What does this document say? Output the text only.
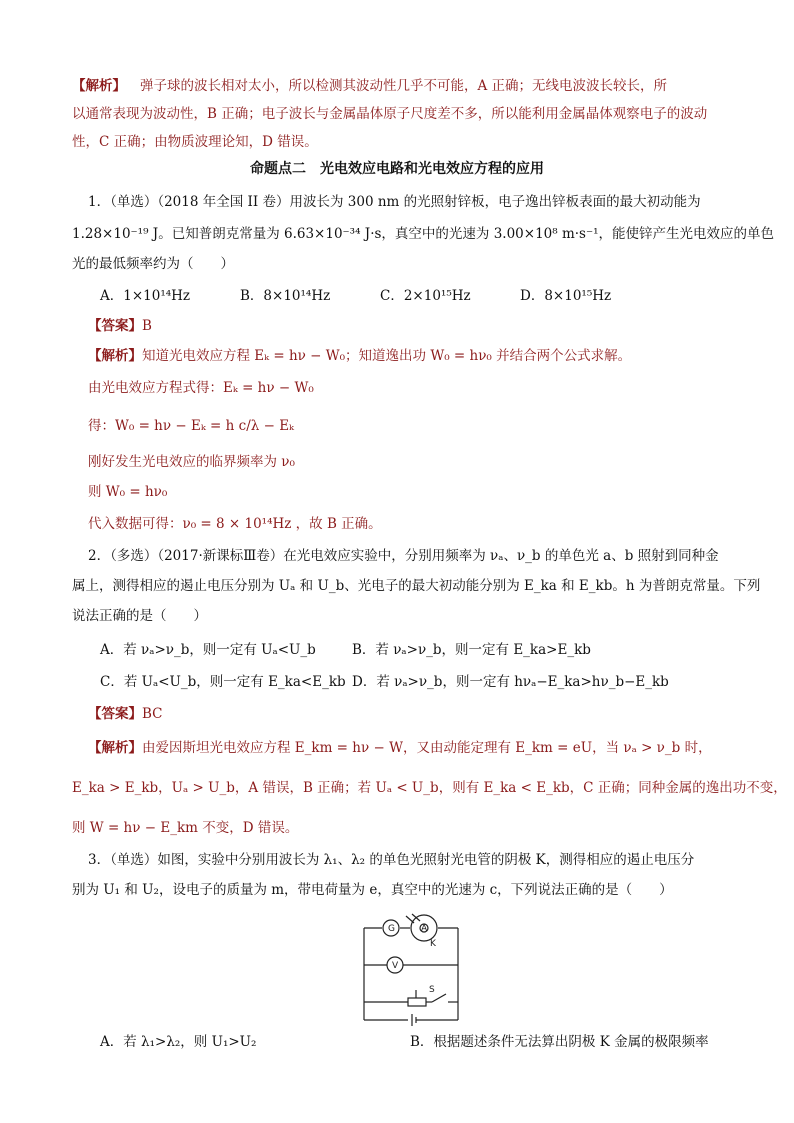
【解析】 弹子球的波长相对太小，所以检测其波动性几乎不可能，A 正确；无线电波波长较长，所

以通常表现为波动性，B 正确；电子波长与金属晶体原子尺度差不多，所以能利用金属晶体观察电子的波动

性，C 正确；由物质波理论知，D 错误。

命题点二　光电效应电路和光电效应方程的应用

1．（单选）（2018 年全国 II 卷）用波长为 300 nm 的光照射锌板，电子逸出锌板表面的最大初动能为

1.28×10⁻¹⁹ J。已知普朗克常量为 6.63×10⁻³⁴ J·s，真空中的光速为 3.00×10⁸ m·s⁻¹，能使锌产生光电效应的单色

光的最低频率约为（　　）

A．1×10¹⁴Hz	B．8×10¹⁴Hz	C．2×10¹⁵Hz	D．8×10¹⁵Hz

【答案】B

【解析】知道光电效应方程 Eₖ = hν − W₀；知道逸出功 W₀ = hν₀ 并结合两个公式求解。

由光电效应方程式得：Eₖ = hν − W₀

得：W₀ = hν − Eₖ = h c/λ − Eₖ

刚好发生光电效应的临界频率为 ν₀

则 W₀ = hν₀

代入数据可得：ν₀ = 8 × 10¹⁴Hz ，故 B 正确。

2．（多选）（2017·新课标Ⅲ卷）在光电效应实验中，分别用频率为 νₐ、ν_b 的单色光 a、b 照射到同种金

属上，测得相应的遏止电压分别为 Uₐ 和 U_b、光电子的最大初动能分别为 E_ka 和 E_kb。h 为普朗克常量。下列

说法正确的是（　　）

A．若 νₐ>ν_b，则一定有 Uₐ<U_b	B．若 νₐ>ν_b，则一定有 E_ka>E_kb
C．若 Uₐ<U_b，则一定有 E_ka<E_kb D．若 νₐ>ν_b，则一定有 hνₐ−E_ka>hν_b−E_kb

【答案】BC

【解析】由爱因斯坦光电效应方程 E_km = hν − W，又由动能定理有 E_km = eU，当 νₐ > ν_b 时，

E_ka > E_kb，Uₐ > U_b，A 错误，B 正确；若 Uₐ < U_b，则有 E_ka < E_kb，C 正确；同种金属的逸出功不变，

则 W = hν − E_km 不变，D 错误。

3．（单选）如图，实验中分别用波长为 λ₁、λ₂ 的单色光照射光电管的阴极 K，测得相应的遏止电压分

别为 U₁ 和 U₂，设电子的质量为 m，带电荷量为 e，真空中的光速为 c，下列说法正确的是（　　）

G
V
A
K
S
A．若 λ₁>λ₂，则 U₁>U₂	B．根据题述条件无法算出阴极 K 金属的极限频率
